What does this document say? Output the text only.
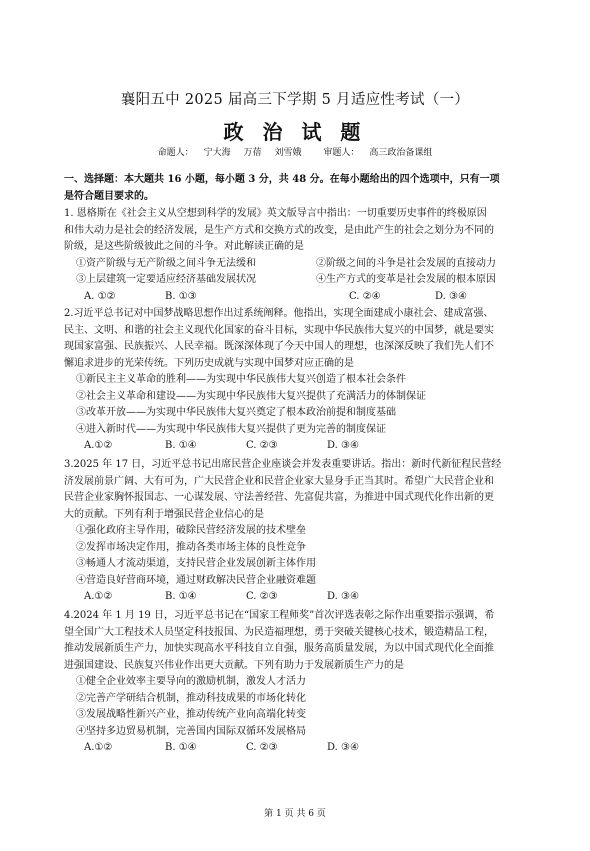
襄阳五中 2025 届高三下学期 5 月适应性考试（一）
政 治 试 题
命题人： 宁大海 万蓓 刘雪娥 审题人： 高三政治备课组
一、选择题：本大题共 16 小题，每小题 3 分，共 48 分。在每小题给出的四个选项中，只有一项
是符合题目要求的。
1. 恩格斯在《社会主义从空想到科学的发展》英文版导言中指出：一切重要历史事件的终极原因
和伟大动力是社会的经济发展，是生产方式和交换方式的改变，是由此产生的社会之划分为不同的
阶级，是这些阶级彼此之间的斗争。对此解读正确的是
①资产阶级与无产阶级之间斗争无法缓和	②阶级之间的斗争是社会发展的直接动力
③上层建筑一定要适应经济基础发展状况	④生产方式的变革是社会发展的根本原因
A. ①②	B. ①③	C. ②④	D. ③④
2.习近平总书记对中国梦战略思想作出过系统阐释。他指出，实现全面建成小康社会、建成富强、
民主、文明、和谐的社会主义现代化国家的奋斗目标，实现中华民族伟大复兴的中国梦，就是要实
现国家富强、民族振兴、人民幸福。既深深体现了今天中国人的理想，也深深反映了我们先人们不
懈追求进步的光荣传统。下列历史成就与实现中国梦对应正确的是
①新民主主义革命的胜利——为实现中华民族伟大复兴创造了根本社会条件
②社会主义革命和建设——为实现中华民族伟大复兴提供了充满活力的体制保证
③改革开放——为实现中华民族伟大复兴奠定了根本政治前提和制度基础
④进入新时代——为实现中华民族伟大复兴提供了更为完善的制度保证
A.①②	B. ①④	C. ②③	D. ③④
3.2025 年 17 日，习近平总书记出席民营企业座谈会并发表重要讲话。指出：新时代新征程民营经
济发展前景广阔、大有可为，广大民营企业和民营企业家大显身手正当其时。希望广大民营企业和
民营企业家胸怀报国志、一心谋发展、守法善经营、先富促共富，为推进中国式现代化作出新的更
大的贡献。下列有利于增强民营企业信心的是
①强化政府主导作用，破除民营经济发展的技术壁垒
②发挥市场决定作用，推动各类市场主体的良性竞争
③畅通人才流动渠道，支持民营企业发展创新主体作用
④营造良好营商环境，通过财政解决民营企业融资难题
A.①②	B. ①④	C. ②③	D. ③④
4.2024 年 1 月 19 日，习近平总书记在“国家工程师奖”首次评选表彰之际作出重要指示强调，希
望全国广大工程技术人员坚定科技报国、为民造福理想，勇于突破关键核心技术，锻造精品工程，
推动发展新质生产力，加快实现高水平科技自立自强，服务高质量发展，为以中国式现代化全面推
进强国建设、民族复兴伟业作出更大贡献。下列有助力于发展新质生产力的是
①健全企业效率主要导向的激励机制，激发人才活力
②完善产学研结合机制，推动科技成果的市场化转化
③发展战略性新兴产业，推动传统产业向高端化转变
④坚持多边贸易机制，完善国内国际双循环发展格局
A.①②	B. ①④	C. ②③	D. ③④
第 1 页 共 6 页
